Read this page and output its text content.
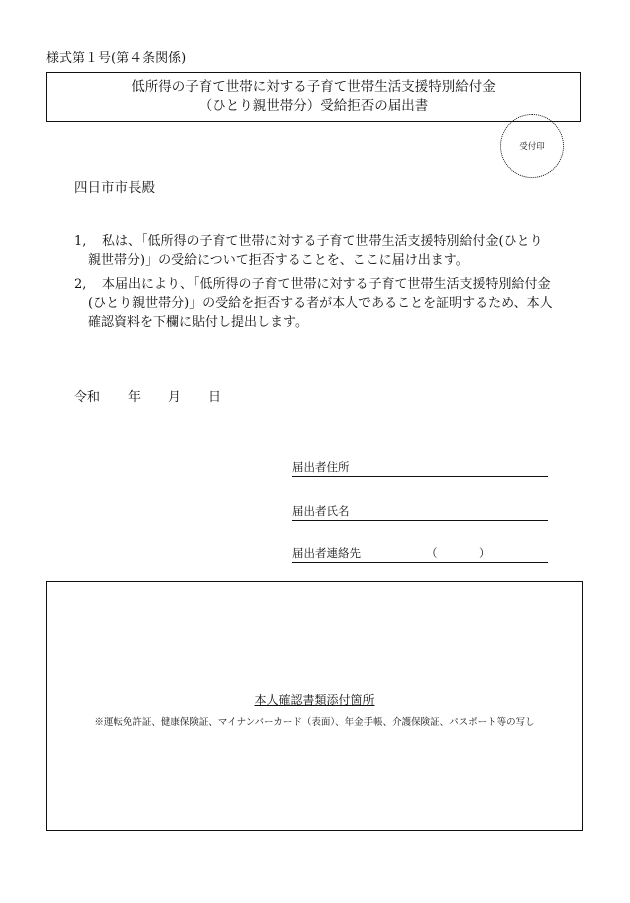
様式第１号(第４条関係)
低所得の子育て世帯に対する子育て世帯生活支援特別給付金
（ひとり親世帯分）受給拒否の届出書
受付印
四日市市長殿
1,	私は、「低所得の子育て世帯に対する子育て世帯生活支援特別給付金(ひとり親世帯分)」の受給について拒否することを、ここに届け出ます。
2,	本届出により、「低所得の子育て世帯に対する子育て世帯生活支援特別給付金(ひとり親世帯分)」の受給を拒否する者が本人であることを証明するため、本人確認資料を下欄に貼付し提出します。
令和	年	月	日
届出者住所
届出者氏名
届出者連絡先	（	）
本人確認書類添付箇所
※運転免許証、健康保険証、マイナンバーカード（表面）、年金手帳、介護保険証、パスポート等の写し
